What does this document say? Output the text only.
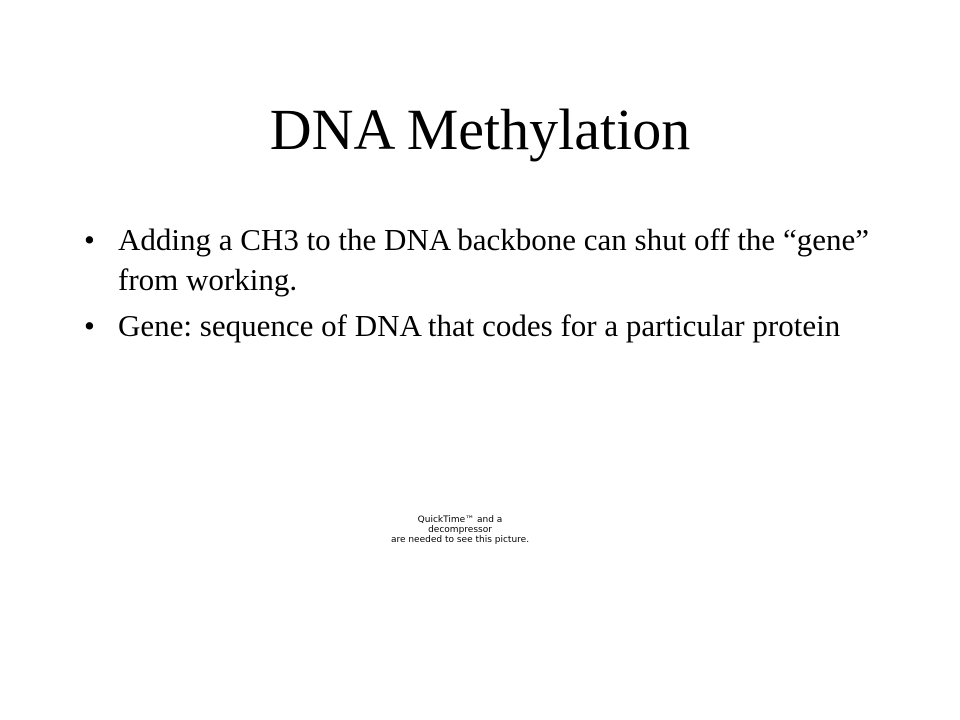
DNA Methylation
• Adding a CH3 to the DNA backbone can shut off the “gene” from working.
• Gene: sequence of DNA that codes for a particular protein
QuickTime™ and a
decompressor
are needed to see this picture.
